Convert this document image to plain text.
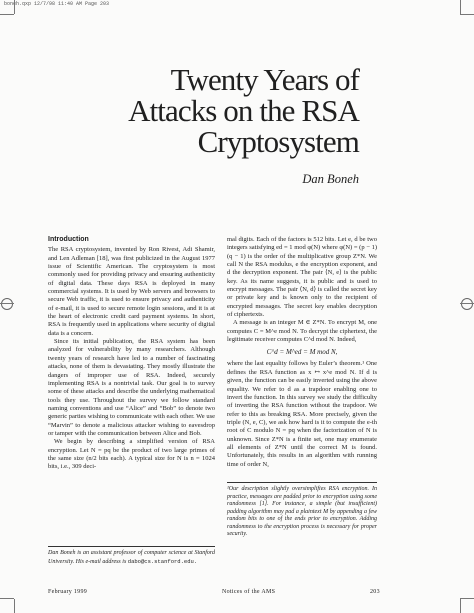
boneh.qxp 12/7/98 11:40 AM Page 203
Twenty Years of
Attacks on the RSA
Cryptosystem
Dan Boneh
Introduction

The RSA cryptosystem, invented by Ron Rivest, Adi Shamir, and Len Adleman [18], was first publicized in the August 1977 issue of Scientific American. The cryptosystem is most commonly used for providing privacy and ensuring authenticity of digital data. These days RSA is deployed in many commercial systems. It is used by Web servers and browsers to secure Web traffic, it is used to ensure privacy and authenticity of e-mail, it is used to secure remote login sessions, and it is at the heart of electronic credit card payment systems. In short, RSA is frequently used in applications where security of digital data is a concern.

Since its initial publication, the RSA system has been analyzed for vulnerability by many researchers. Although twenty years of research have led to a number of fascinating attacks, none of them is devastating. They mostly illustrate the dangers of improper use of RSA. Indeed, securely implementing RSA is a nontrivial task. Our goal is to survey some of these attacks and describe the underlying mathematical tools they use. Throughout the survey we follow standard naming conventions and use “Alice” and “Bob” to denote two generic parties wishing to communicate with each other. We use “Marvin” to denote a malicious attacker wishing to eavesdrop or tamper with the communication between Alice and Bob.

We begin by describing a simplified version of RSA encryption. Let N = pq be the product of two large primes of the same size (n/2 bits each). A typical size for N is n = 1024 bits, i.e., 309 deci-

mal digits. Each of the factors is 512 bits. Let e, d be two integers satisfying ed = 1 mod φ(N) where φ(N) = (p − 1)(q − 1) is the order of the multiplicative group Z*N. We call N the RSA modulus, e the encryption exponent, and d the decryption exponent. The pair ⟨N, e⟩ is the public key. As its name suggests, it is public and is used to encrypt messages. The pair ⟨N, d⟩ is called the secret key or private key and is known only to the recipient of encrypted messages. The secret key enables decryption of ciphertexts.

A message is an integer M ∈ Z*N. To encrypt M, one computes C = M^e mod N. To decrypt the ciphertext, the legitimate receiver computes C^d mod N. Indeed,

C^d = M^ed = M mod N,

where the last equality follows by Euler’s theorem.¹ One defines the RSA function as x ↦ x^e mod N. If d is given, the function can be easily inverted using the above equality. We refer to d as a trapdoor enabling one to invert the function. In this survey we study the difficulty of inverting the RSA function without the trapdoor. We refer to this as breaking RSA. More precisely, given the triple (N, e, C), we ask how hard is it to compute the e-th root of C modulo N = pq when the factorization of N is unknown. Since Z*N is a finite set, one may enumerate all elements of Z*N until the correct M is found. Unfortunately, this results in an algorithm with running time of order N,

¹Our description slightly oversimplifies RSA encryption. In practice, messages are padded prior to encryption using some randomness [1]. For instance, a simple (but insufficient) padding algorithm may pad a plaintext M by appending a few random bits to one of the ends prior to encryption. Adding randomness to the encryption process is necessary for proper security.
Dan Boneh is an assistant professor of computer science at Stanford University. His e-mail address is dabo@cs.stanford.edu.
February 1999	Notices of the AMS	203
